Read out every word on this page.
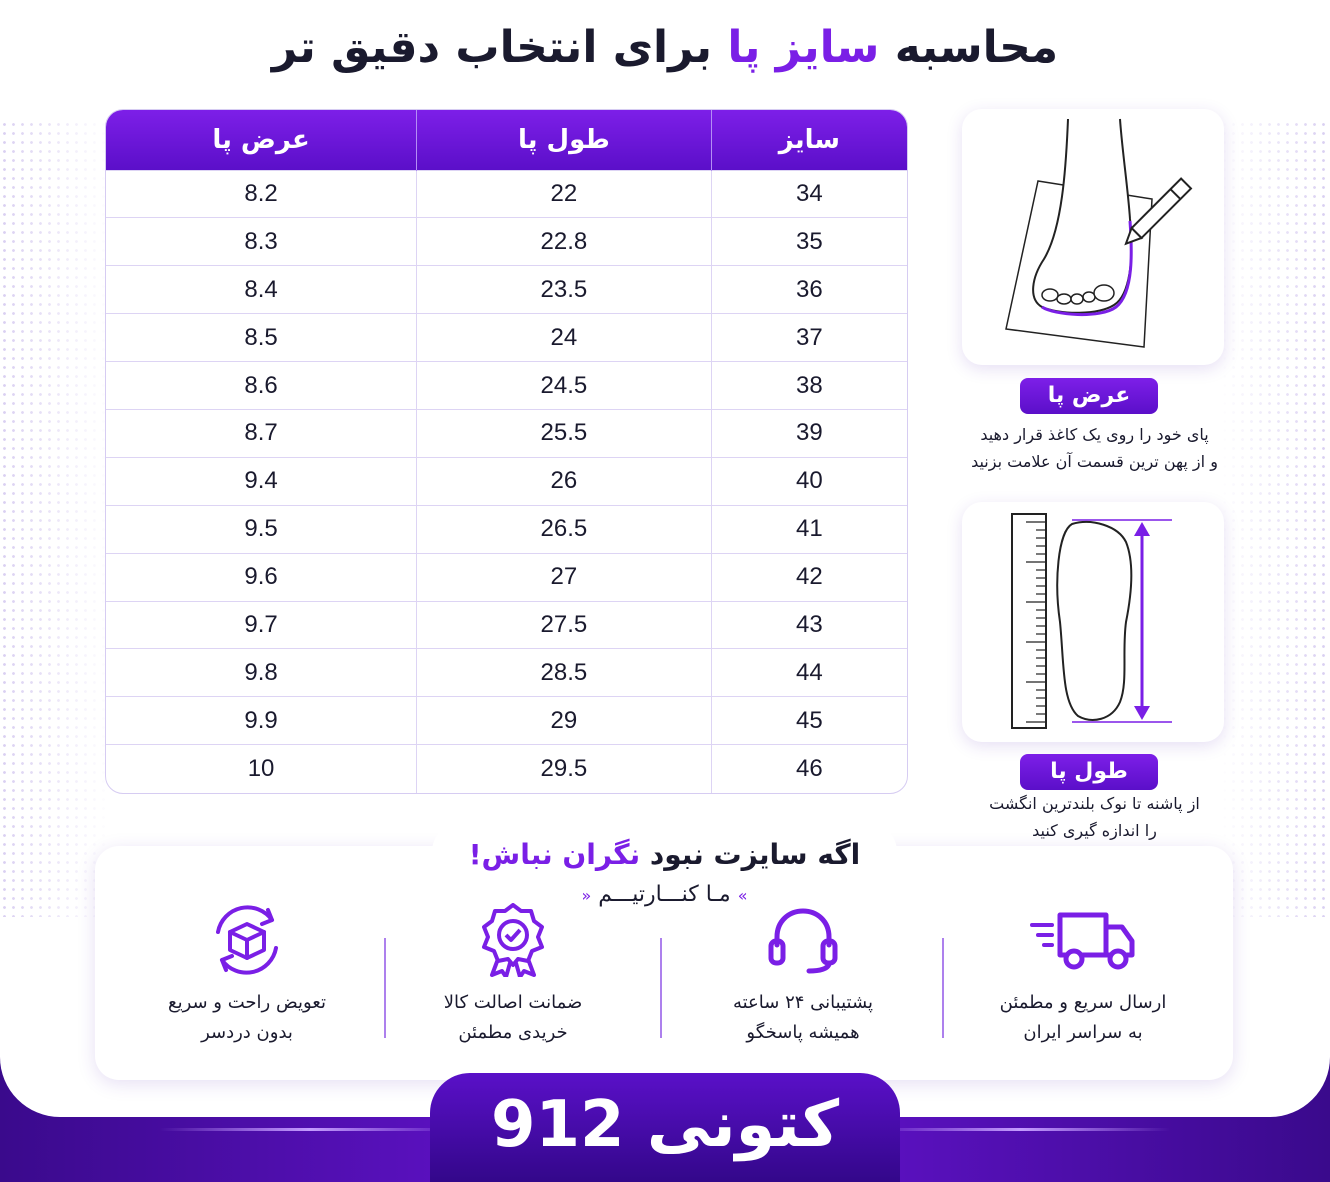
محاسبه سایز پا برای انتخاب دقیق تر
سایز	طول پا	عرض پا
34	22	8.2
35	22.8	8.3
36	23.5	8.4
37	24	8.5
38	24.5	8.6
39	25.5	8.7
40	26	9.4
41	26.5	9.5
42	27	9.6
43	27.5	9.7
44	28.5	9.8
45	29	9.9
46	29.5	10
عرض پا
پای خود را روی یک کاغذ قرار دهید
و از پهن ترین قسمت آن علامت بزنید
طول پا
از پاشنه تا نوک بلندترین انگشت
را اندازه گیری کنید
اگه سایزت نبود نگران نباش!
» مـا کنـــارتیـــم «
ارسال سریع و مطمئن
به سراسر ایران
پشتیبانی ۲۴ ساعته
همیشه پاسخگو
ضمانت اصالت کالا
خریدی مطمئن
تعویض راحت و سریع
بدون دردسر
کتونی 912
